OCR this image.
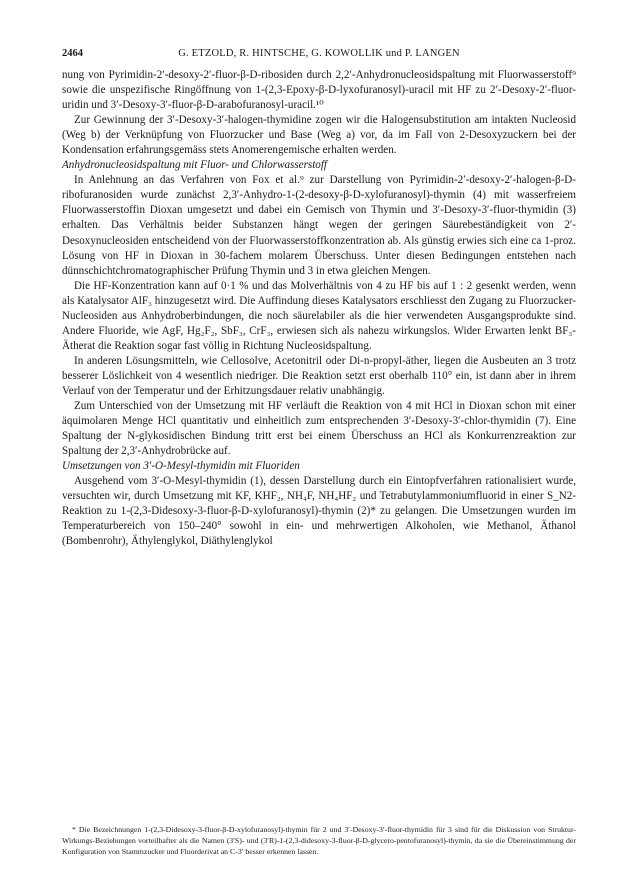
2464	G. ETZOLD, R. HINTSCHE, G. KOWOLLIK und P. LANGEN

nung von Pyrimidin-2′-desoxy-2′-fluor-β-D-ribosiden durch 2,2′-Anhydronucleosidspaltung mit Fluorwasserstoff⁹ sowie die unspezifische Ringöffnung von 1-(2,3-Epoxy-β-D-lyxofuranosyl)-uracil mit HF zu 2′-Desoxy-2′-fluor-uridin und 3′-Desoxy-3′-fluor-β-D-arabofuranosyl-uracil.¹⁰

Zur Gewinnung der 3′-Desoxy-3′-halogen-thymidine zogen wir die Halogensubstitution am intakten Nucleosid (Weg b) der Verknüpfung von Fluorzucker und Base (Weg a) vor, da im Fall von 2-Desoxyzuckern bei der Kondensation erfahrungsgemäss stets Anomerengemische erhalten werden.

Anhydronucleosidspaltung mit Fluor- und Chlorwasserstoff

In Anlehnung an das Verfahren von Fox et al.⁹ zur Darstellung von Pyrimidin-2′-desoxy-2′-halogen-β-D-ribofuranosiden wurde zunächst 2,3′-Anhydro-1-(2-desoxy-β-D-xylofuranosyl)-thymin (4) mit wasserfreiem Fluorwasserstoffin Dioxan umgesetzt und dabei ein Gemisch von Thymin und 3′-Desoxy-3′-fluor-thymidin (3) erhalten. Das Verhältnis beider Substanzen hängt wegen der geringen Säurebeständigkeit von 2′-Desoxynucleosiden entscheidend von der Fluorwasserstoffkonzentration ab. Als günstig erwies sich eine ca 1-proz. Lösung von HF in Dioxan in 30-fachem molarem Überschuss. Unter diesen Bedingungen entstehen nach dünnschichtchromatographischer Prüfung Thymin und 3 in etwa gleichen Mengen.

Die HF-Konzentration kann auf 0·1 % und das Molverhältnis von 4 zu HF bis auf 1 : 2 gesenkt werden, wenn als Katalysator AlF₃ hinzugesetzt wird. Die Auffindung dieses Katalysators erschliesst den Zugang zu Fluorzucker-Nucleosiden aus Anhydroberbindungen, die noch säurelabiler als die hier verwendeten Ausgangsprodukte sind. Andere Fluoride, wie AgF, Hg₂F₂, SbF₃, CrF₃, erwiesen sich als nahezu wirkungslos. Wider Erwarten lenkt BF₃-Ätherat die Reaktion sogar fast völlig in Richtung Nucleosidspaltung.

In anderen Lösungsmitteln, wie Cellosolve, Acetonitril oder Di-n-propyl-äther, liegen die Ausbeuten an 3 trotz besserer Löslichkeit von 4 wesentlich niedriger. Die Reaktion setzt erst oberhalb 110° ein, ist dann aber in ihrem Verlauf von der Temperatur und der Erhitzungsdauer relativ unabhängig.

Zum Unterschied von der Umsetzung mit HF verläuft die Reaktion von 4 mit HCl in Dioxan schon mit einer äquimolaren Menge HCl quantitativ und einheitlich zum entsprechenden 3′-Desoxy-3′-chlor-thymidin (7). Eine Spaltung der N-glykosidischen Bindung tritt erst bei einem Überschuss an HCl als Konkurrenzreaktion zur Spaltung der 2,3′-Anhydrobrücke auf.

Umsetzungen von 3′-O-Mesyl-thymidin mit Fluoriden

Ausgehend vom 3′-O-Mesyl-thymidin (1), dessen Darstellung durch ein Eintopfverfahren rationalisiert wurde, versuchten wir, durch Umsetzung mit KF, KHF₂, NH₄F, NH₄HF₂ und Tetrabutylammoniumfluorid in einer S_N2-Reaktion zu 1-(2,3-Didesoxy-3-fluor-β-D-xylofuranosyl)-thymin (2)* zu gelangen. Die Umsetzungen wurden im Temperaturbereich von 150–240° sowohl in ein- und mehrwertigen Alkoholen, wie Methanol, Äthanol (Bombenrohr), Äthylenglykol, Diäthylenglykol

* Die Bezeichnungen 1-(2,3-Didesoxy-3-fluor-β-D-xylofuranosyl)-thymin für 2 und 3′-Desoxy-3′-fluor-thymidin für 3 sind für die Diskussion von Struktur-Wirkungs-Beziehungen vorteilhafter als die Namen (3′S)- und (3′R)-1-(2,3-didesoxy-3-fluor-β-D-glycero-pentofuranosyl)-thymin, da sie die Übereinstimmung der Konfiguration von Stammzucker und Fluorderivat an C-3′ besser erkennen lassen.
